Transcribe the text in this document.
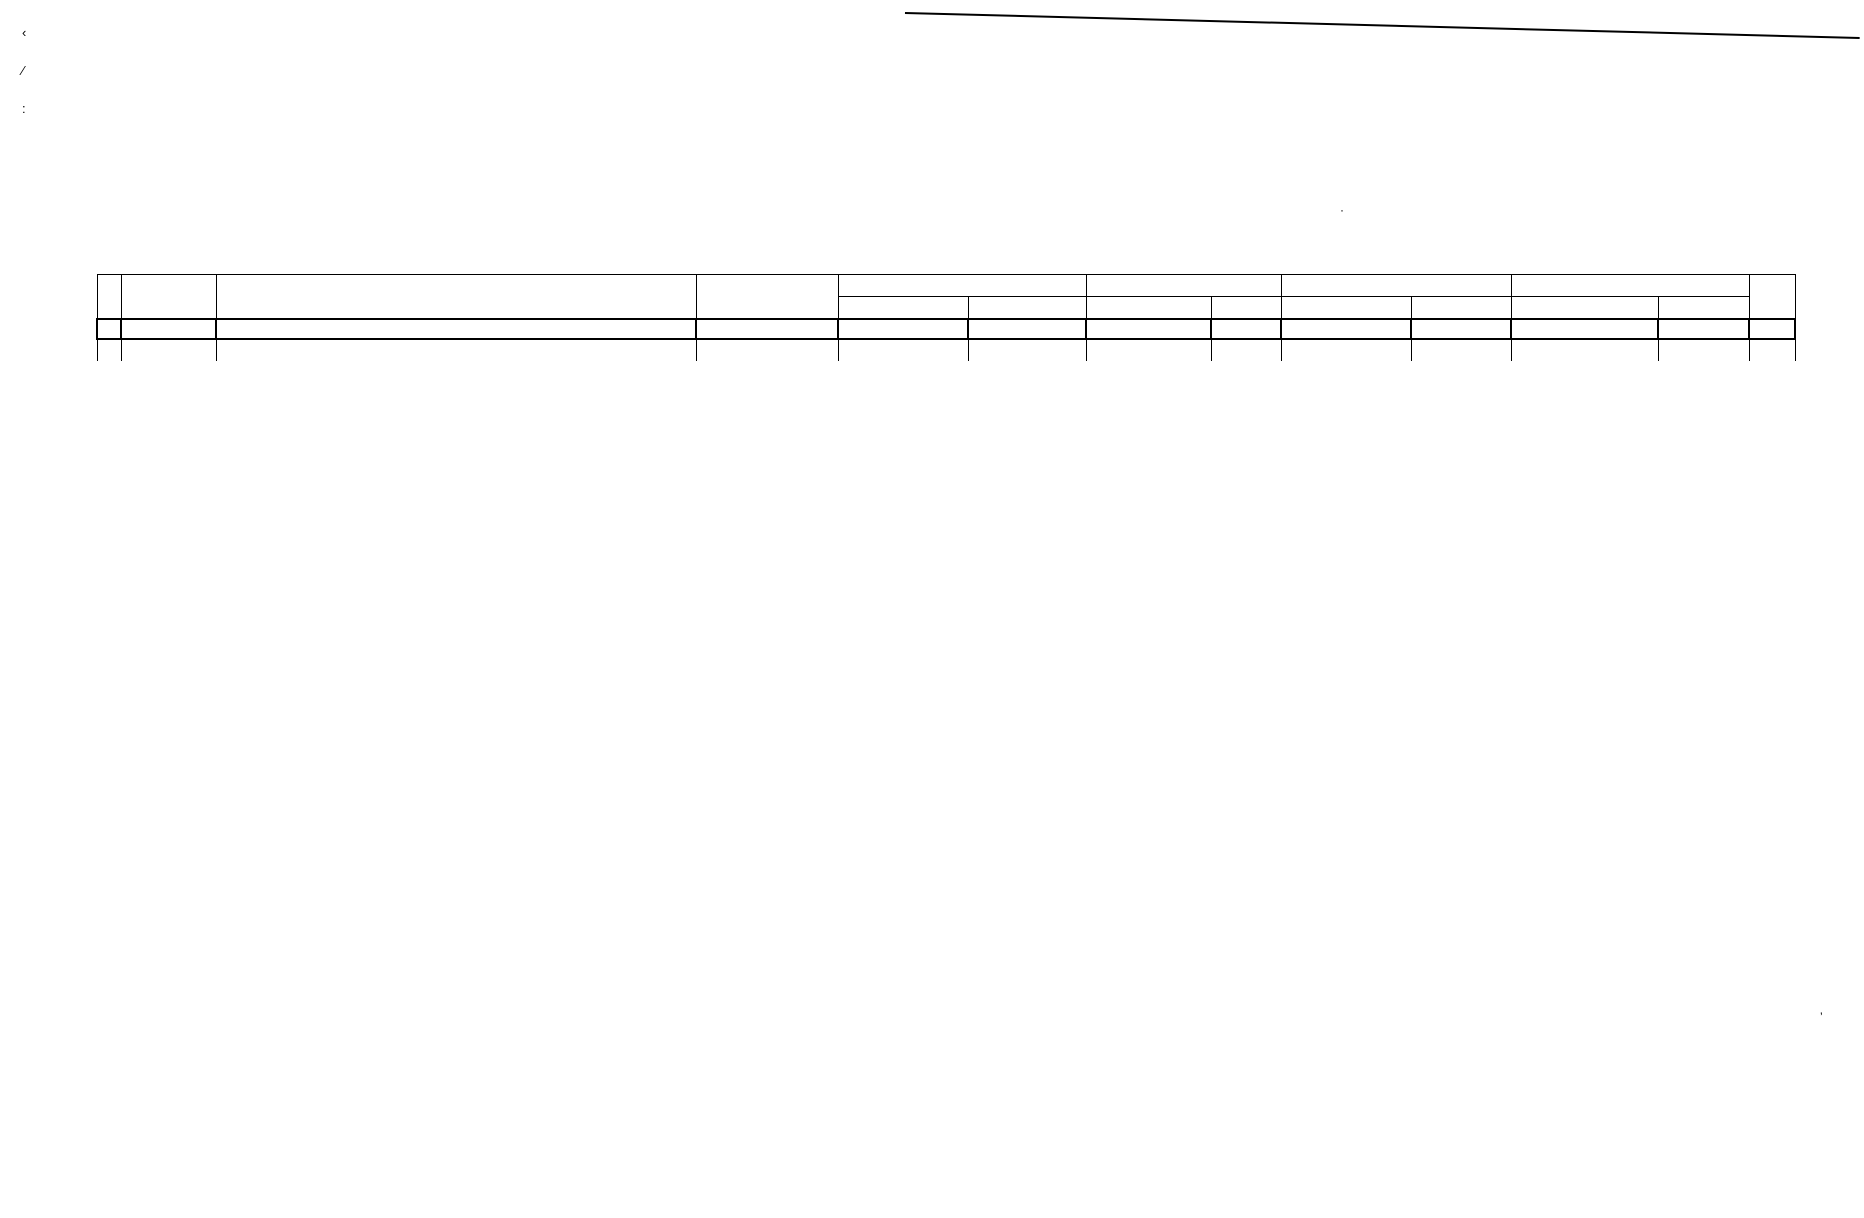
‹
⁄
:
·
’
